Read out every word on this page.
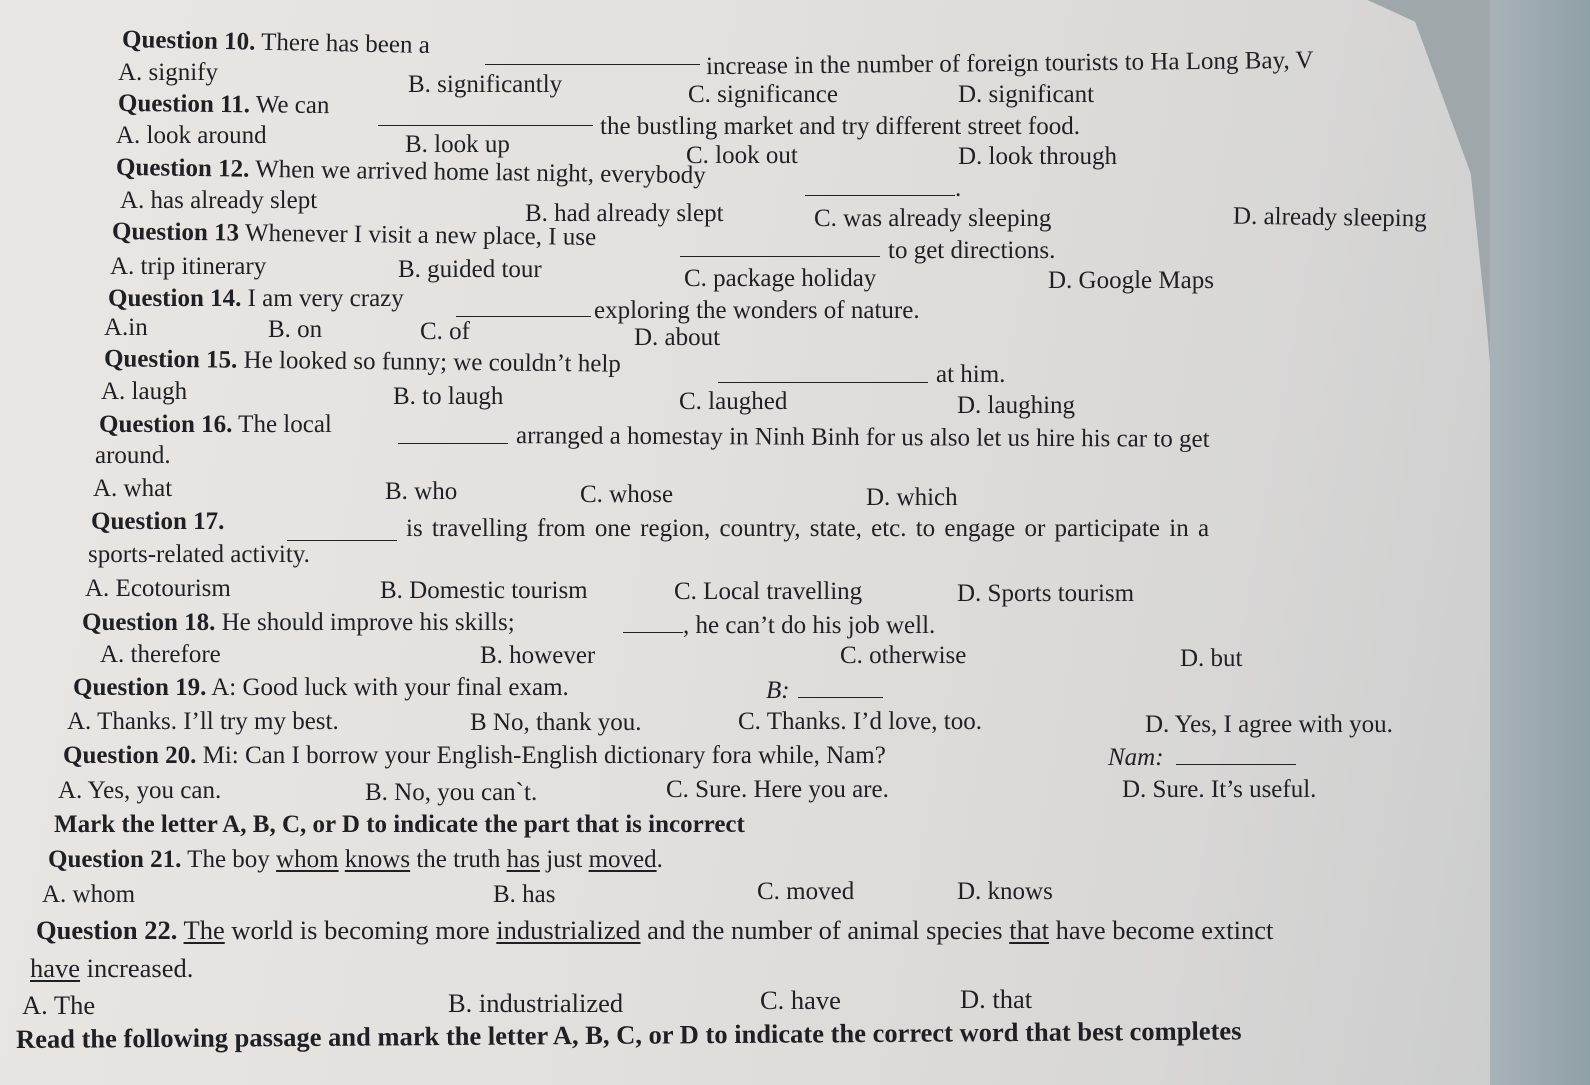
Question 10. There has been a
increase in the number of foreign tourists to Ha Long Bay, V
A. signify	B. significantly	C. significance	D. significant
Question 11. We can
the bustling market and try different street food.
A. look around	B. look up	C. look out	D. look through
Question 12. When we arrived home last night, everybody	.
A. has already slept	B. had already slept	C. was already sleeping	D. already sleeping
Question 13 Whenever I visit a new place, I use	to get directions.
A. trip itinerary	B. guided tour	C. package holiday	D. Google Maps
Question 14. I am very crazy	exploring the wonders of nature.
A.in	B. on	C. of	D. about
Question 15. He looked so funny; we couldn’t help	at him.
A. laugh	B. to laugh	C. laughed	D. laughing
Question 16. The local	arranged a homestay in Ninh Binh for us also let us hire his car to get
around.
A. what	B. who	C. whose	D. which
Question 17.	is travelling from one region, country, state, etc. to engage or participate in a
sports-related activity.
A. Ecotourism	B. Domestic tourism	C. Local travelling	D. Sports tourism
Question 18. He should improve his skills;	, he can’t do his job well.
A. therefore	B. however	C. otherwise	D. but
Question 19. A: Good luck with your final exam.	B:
A. Thanks. I’ll try my best.	B No, thank you.	C. Thanks. I’d love, too.	D. Yes, I agree with you.
Question 20. Mi: Can I borrow your English-English dictionary fora while, Nam?	Nam:
A. Yes, you can.	B. No, you can`t.	C. Sure. Here you are.	D. Sure. It’s useful.
Mark the letter A, B, C, or D to indicate the part that is incorrect
Question 21. The boy whom knows the truth has just moved.
A. whom	B. has	C. moved	D. knows
Question 22. The world is becoming more industrialized and the number of animal species that have become extinct
have increased.
A. The	B. industrialized	C. have	D. that
Read the following passage and mark the letter A, B, C, or D to indicate the correct word that best completes
